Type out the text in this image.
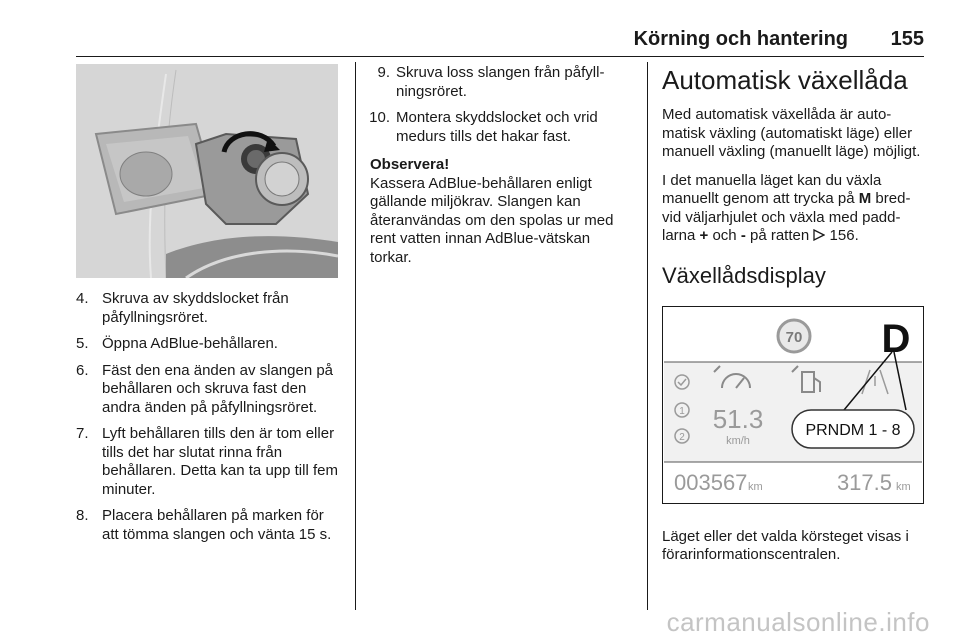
Körning och hantering 155
4. Skruva av skyddslocket från påfyllningsröret.
5. Öppna AdBlue-behållaren.
6. Fäst den ena änden av slangen på behållaren och skruva fast den andra änden på påfyllningsröret.
7. Lyft behållaren tills den är tom eller tills det har slutat rinna från behållaren. Detta kan ta upp till fem minuter.
8. Placera behållaren på marken för att tömma slangen och vänta 15 s.
9. Skruva loss slangen från påfyll-ningsröret.
10. Montera skyddslocket och vrid medurs tills det hakar fast.
Observera!
Kassera AdBlue-behållaren enligt gällande miljökrav. Slangen kan återanvändas om den spolas ur med rent vatten innan AdBlue-vätskan torkar.
Automatisk växellåda

Med automatisk växellåda är auto-matisk växling (automatiskt läge) eller manuell växling (manuellt läge) möjligt.

I det manuella läget kan du växla manuellt genom att trycka på M bred-vid väljarhjulet och växla med padd-larna + och - på ratten  156.

Växellådsdisplay
70 D
1
2
51.3
km/h
PRNDM 1 - 8
003567 km	317.5 km

Läget eller det valda körsteget visas i förarinformationscentralen.

carmanualsonline.info
